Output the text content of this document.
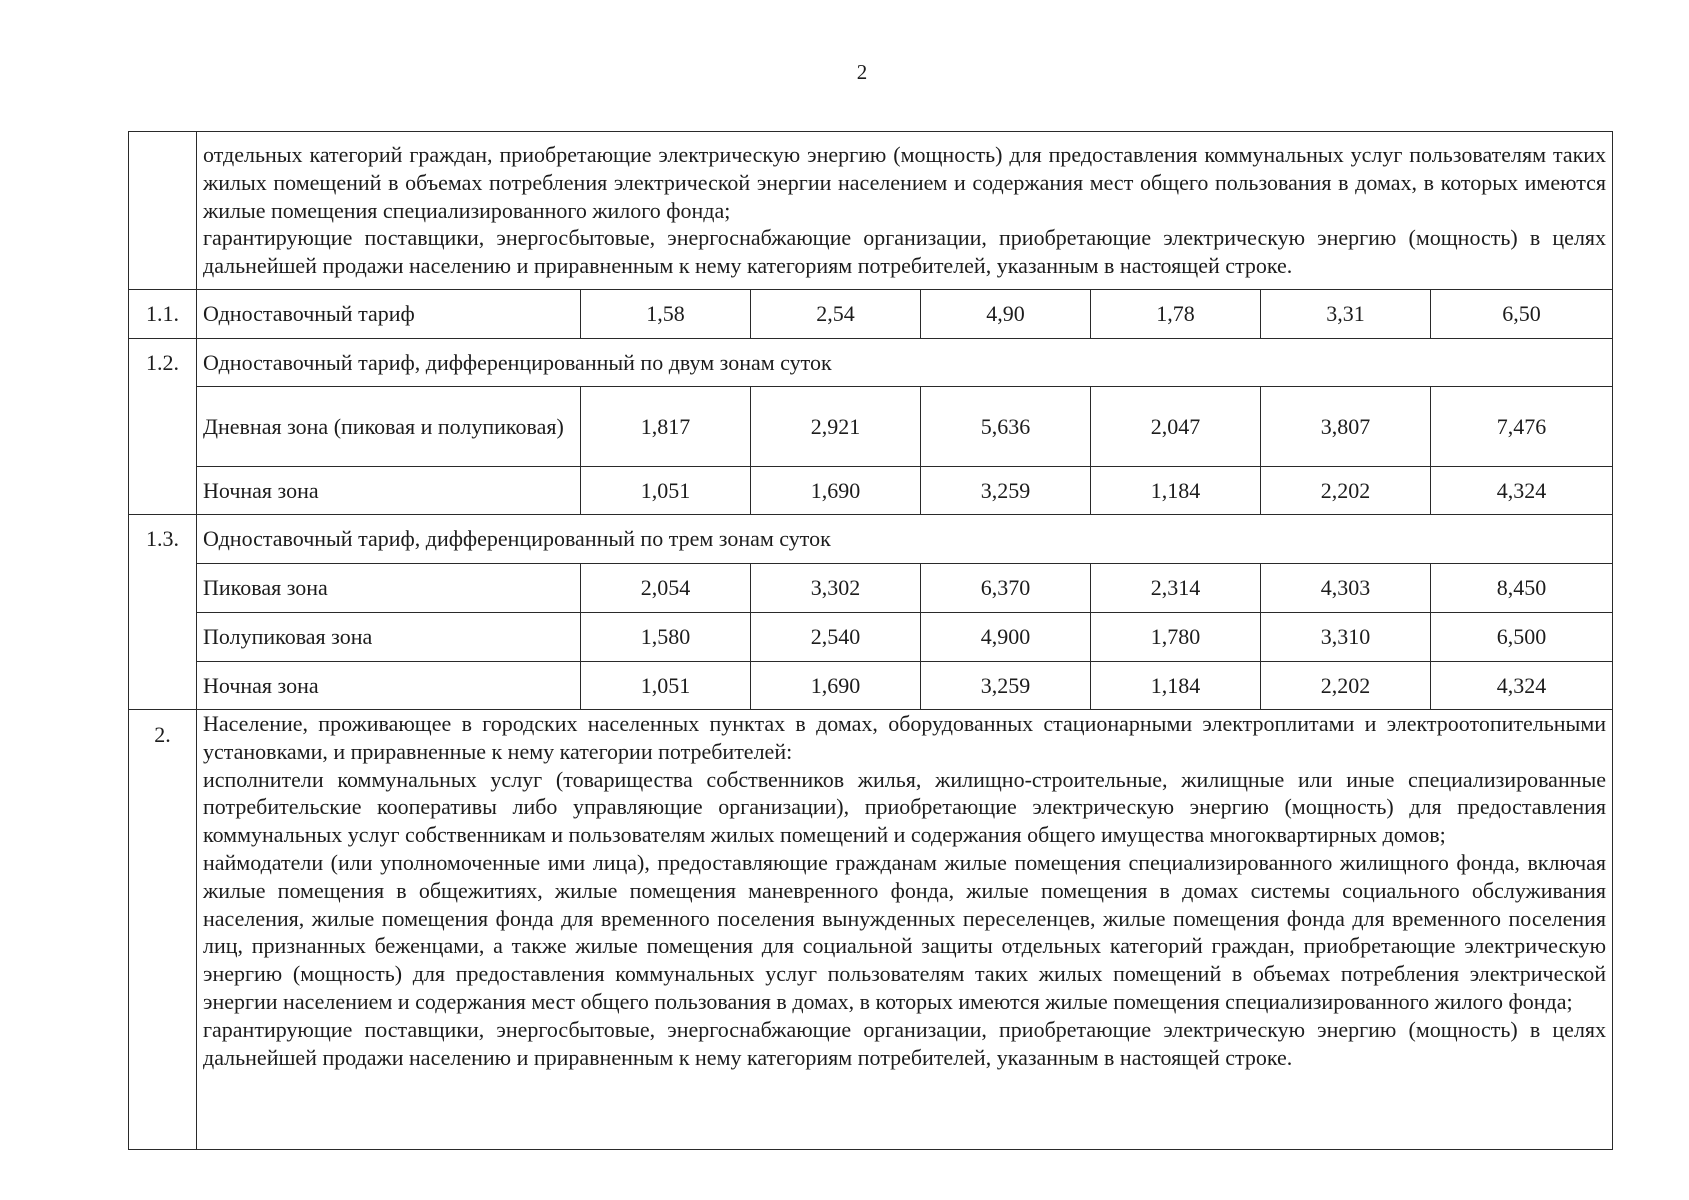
2

	отдельных категорий граждан, приобретающие электрическую энергию (мощность) для предоставления коммунальных услуг пользователям таких жилых помещений в объемах потребления электрической энергии населением и содержания мест общего пользования в домах, в которых имеются жилые помещения специализированного жилого фонда;

гарантирующие поставщики, энергосбытовые, энергоснабжающие организации, приобретающие электрическую энергию (мощность) в целях дальнейшей продажи населению и приравненным к нему категориям потребителей, указанным в настоящей строке.						

1.1.	Одноставочный тариф	1,58	2,54	4,90	1,78	3,31	6,50
1.2.	Одноставочный тариф, дифференцированный по двум зонам суток						
	Дневная зона (пиковая и полупиковая)	1,817	2,921	5,636	2,047	3,807	7,476
	Ночная зона	1,051	1,690	3,259	1,184	2,202	4,324
1.3.	Одноставочный тариф, дифференцированный по трем зонам суток						
	Пиковая зона	2,054	3,302	6,370	2,314	4,303	8,450
	Полупиковая зона	1,580	2,540	4,900	1,780	3,310	6,500
	Ночная зона	1,051	1,690	3,259	1,184	2,202	4,324
2.	Население, проживающее в городских населенных пунктах в домах, оборудованных стационарными электроплитами и электроотопительными установками, и приравненные к нему категории потребителей:

исполнители коммунальных услуг (товарищества собственников жилья, жилищно-строительные, жилищные или иные специализированные потребительские кооперативы либо управляющие организации), приобретающие электрическую энергию (мощность) для предоставления коммунальных услуг собственникам и пользователям жилых помещений и содержания общего имущества многоквартирных домов;

наймодатели (или уполномоченные ими лица), предоставляющие гражданам жилые помещения специализированного жилищного фонда, включая жилые помещения в общежитиях, жилые помещения маневренного фонда, жилые помещения в домах системы социального обслуживания населения, жилые помещения фонда для временного поселения вынужденных переселенцев, жилые помещения фонда для временного поселения лиц, признанных беженцами, а также жилые помещения для социальной защиты отдельных категорий граждан, приобретающие электрическую энергию (мощность) для предоставления коммунальных услуг пользователям таких жилых помещений в объемах потребления электрической энергии населением и содержания мест общего пользования в домах, в которых имеются жилые помещения специализированного жилого фонда;

гарантирующие поставщики, энергосбытовые, энергоснабжающие организации, приобретающие электрическую энергию (мощность) в целях дальнейшей продажи населению и приравненным к нему категориям потребителей, указанным в настоящей строке.						
